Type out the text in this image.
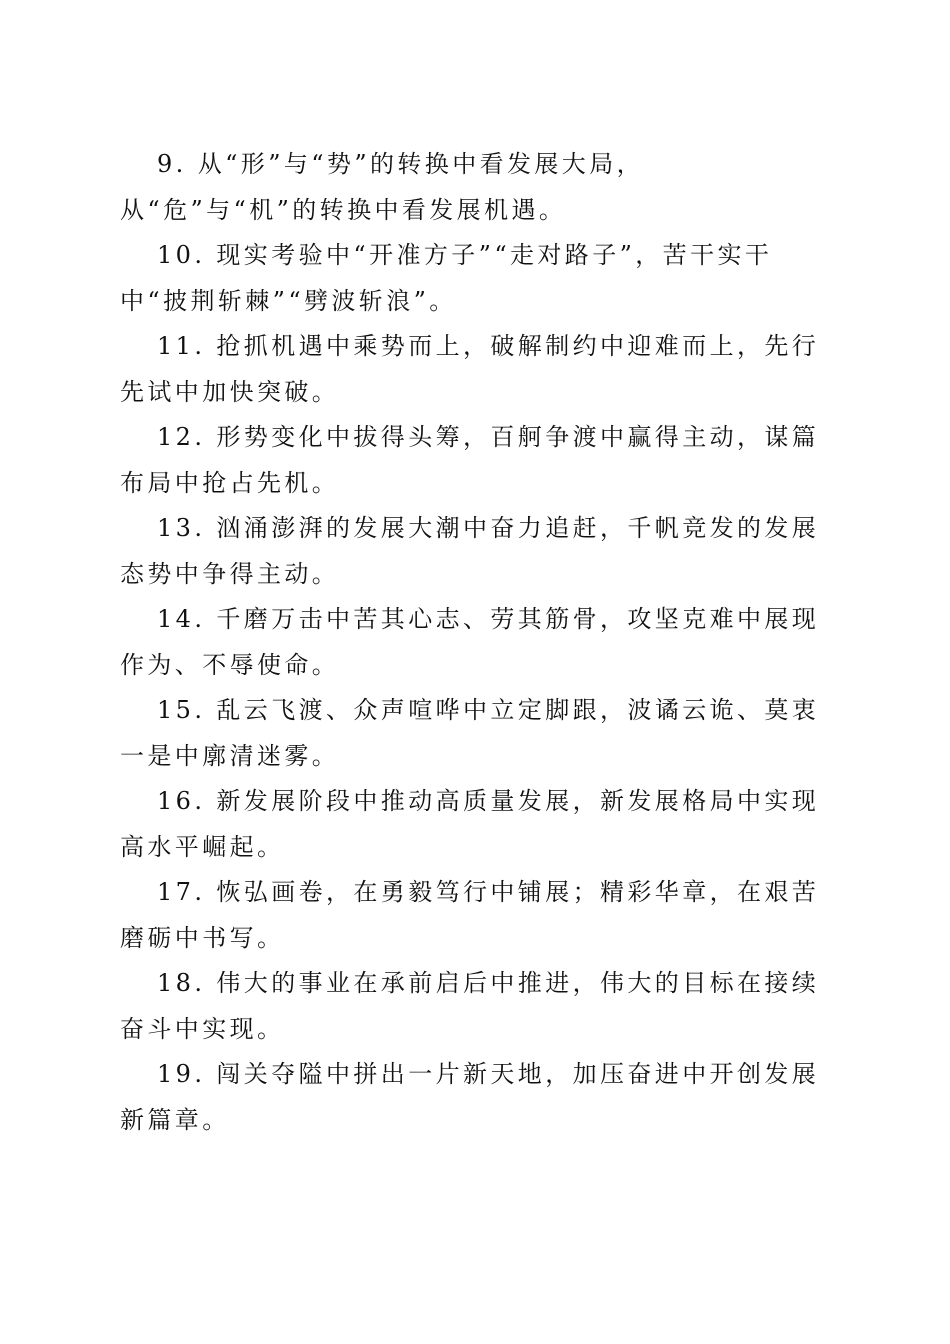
9. 从“形”与“势”的转换中看发展大局，从“危”与“机”的转换中看发展机遇。

10. 现实考验中“开准方子”“走对路子”，苦干实干中“披荆斩棘”“劈波斩浪”。

11. 抢抓机遇中乘势而上，破解制约中迎难而上，先行先试中加快突破。

12. 形势变化中拔得头筹，百舸争渡中赢得主动，谋篇布局中抢占先机。

13. 汹涌澎湃的发展大潮中奋力追赶，千帆竞发的发展态势中争得主动。

14. 千磨万击中苦其心志、劳其筋骨，攻坚克难中展现作为、不辱使命。

15. 乱云飞渡、众声喧哗中立定脚跟，波谲云诡、莫衷一是中廓清迷雾。

16. 新发展阶段中推动高质量发展，新发展格局中实现高水平崛起。

17. 恢弘画卷，在勇毅笃行中铺展；精彩华章，在艰苦磨砺中书写。

18. 伟大的事业在承前启后中推进，伟大的目标在接续奋斗中实现。

19. 闯关夺隘中拼出一片新天地，加压奋进中开创发展新篇章。
